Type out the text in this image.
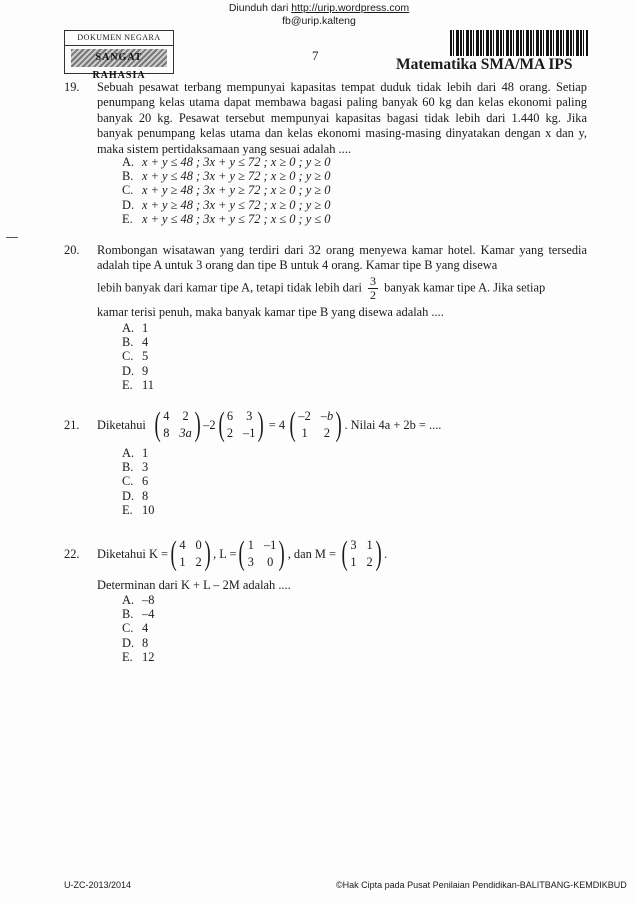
Diunduh dari http://urip.wordpress.com
fb@urip.kalteng
DOKUMEN NEGARA
SANGAT RAHASIA
7
Matematika SMA/MA IPS
19. Sebuah pesawat terbang mempunyai kapasitas tempat duduk tidak lebih dari 48 orang. Setiap penumpang kelas utama dapat membawa bagasi paling banyak 60 kg dan kelas ekonomi paling banyak 20 kg. Pesawat tersebut mempunyai kapasitas bagasi tidak lebih dari 1.440 kg. Jika banyak penumpang kelas utama dan kelas ekonomi masing-masing dinyatakan dengan x dan y, maka sistem pertidaksamaan yang sesuai adalah ....
A. x + y ≤ 48 ; 3x + y ≤ 72 ; x ≥ 0 ; y ≥ 0
B. x + y ≤ 48 ; 3x + y ≥ 72 ; x ≥ 0 ; y ≥ 0
C. x + y ≥ 48 ; 3x + y ≥ 72 ; x ≥ 0 ; y ≥ 0
D. x + y ≥ 48 ; 3x + y ≤ 72 ; x ≥ 0 ; y ≥ 0
E. x + y ≤ 48 ; 3x + y ≤ 72 ; x ≤ 0 ; y ≤ 0
20. Rombongan wisatawan yang terdiri dari 32 orang menyewa kamar hotel. Kamar yang tersedia adalah tipe A untuk 3 orang dan tipe B untuk 4 orang. Kamar tipe B yang disewa
lebih banyak dari kamar tipe A, tetapi tidak lebih dari $\frac{3}{2}$ banyak kamar tipe A. Jika setiap
kamar terisi penuh, maka banyak kamar tipe B yang disewa adalah ....
A. 1
B. 4
C. 5
D. 9
E. 11
21. Diketahui ( 4 2
8 3a ) –2 ( 6 3
2 –1 ) = 4 ( –2 –b
1 2 ) . Nilai 4a + 2b = ....
A. 1
B. 3
C. 6
D. 8
E. 10
22. Diketahui K = ( 4 0
1 2 ) , L = ( 1 –1
3 0 ) , dan M = ( 3 1
1 2 ) .
Determinan dari K + L – 2M adalah ....
A. –8
B. –4
C. 4
D. 8
E. 12
U-ZC-2013/2014	©Hak Cipta pada Pusat Penilaian Pendidikan-BALITBANG-KEMDIKBUD
